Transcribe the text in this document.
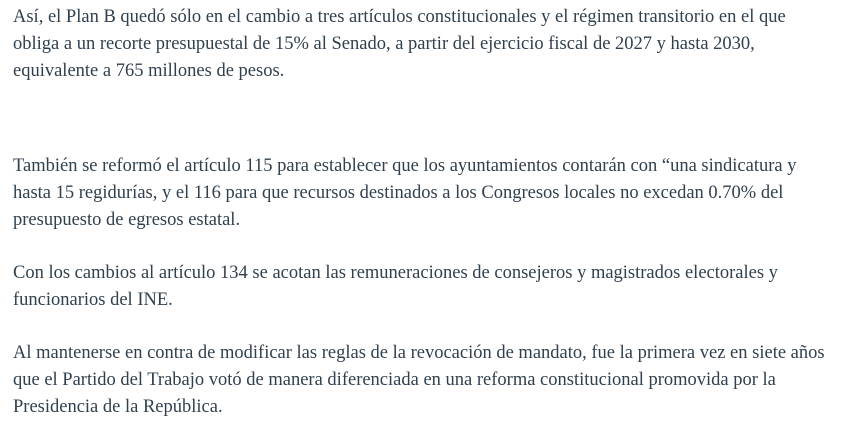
Así, el Plan B quedó sólo en el cambio a tres artículos constitucionales y el régimen transitorio en el que obliga a un recorte presupuestal de 15% al Senado, a partir del ejercicio fiscal de 2027 y hasta 2030, equivalente a 765 millones de pesos.

También se reformó el artículo 115 para establecer que los ayuntamientos contarán con “una sindicatura y hasta 15 regidurías, y el 116 para que recursos destinados a los Congresos locales no excedan 0.70% del presupuesto de egresos estatal.

Con los cambios al artículo 134 se acotan las remuneraciones de consejeros y magistrados electorales y funcionarios del INE.

Al mantenerse en contra de modificar las reglas de la revocación de mandato, fue la primera vez en siete años que el Partido del Trabajo votó de manera diferenciada en una reforma constitucional promovida por la Presidencia de la República.
